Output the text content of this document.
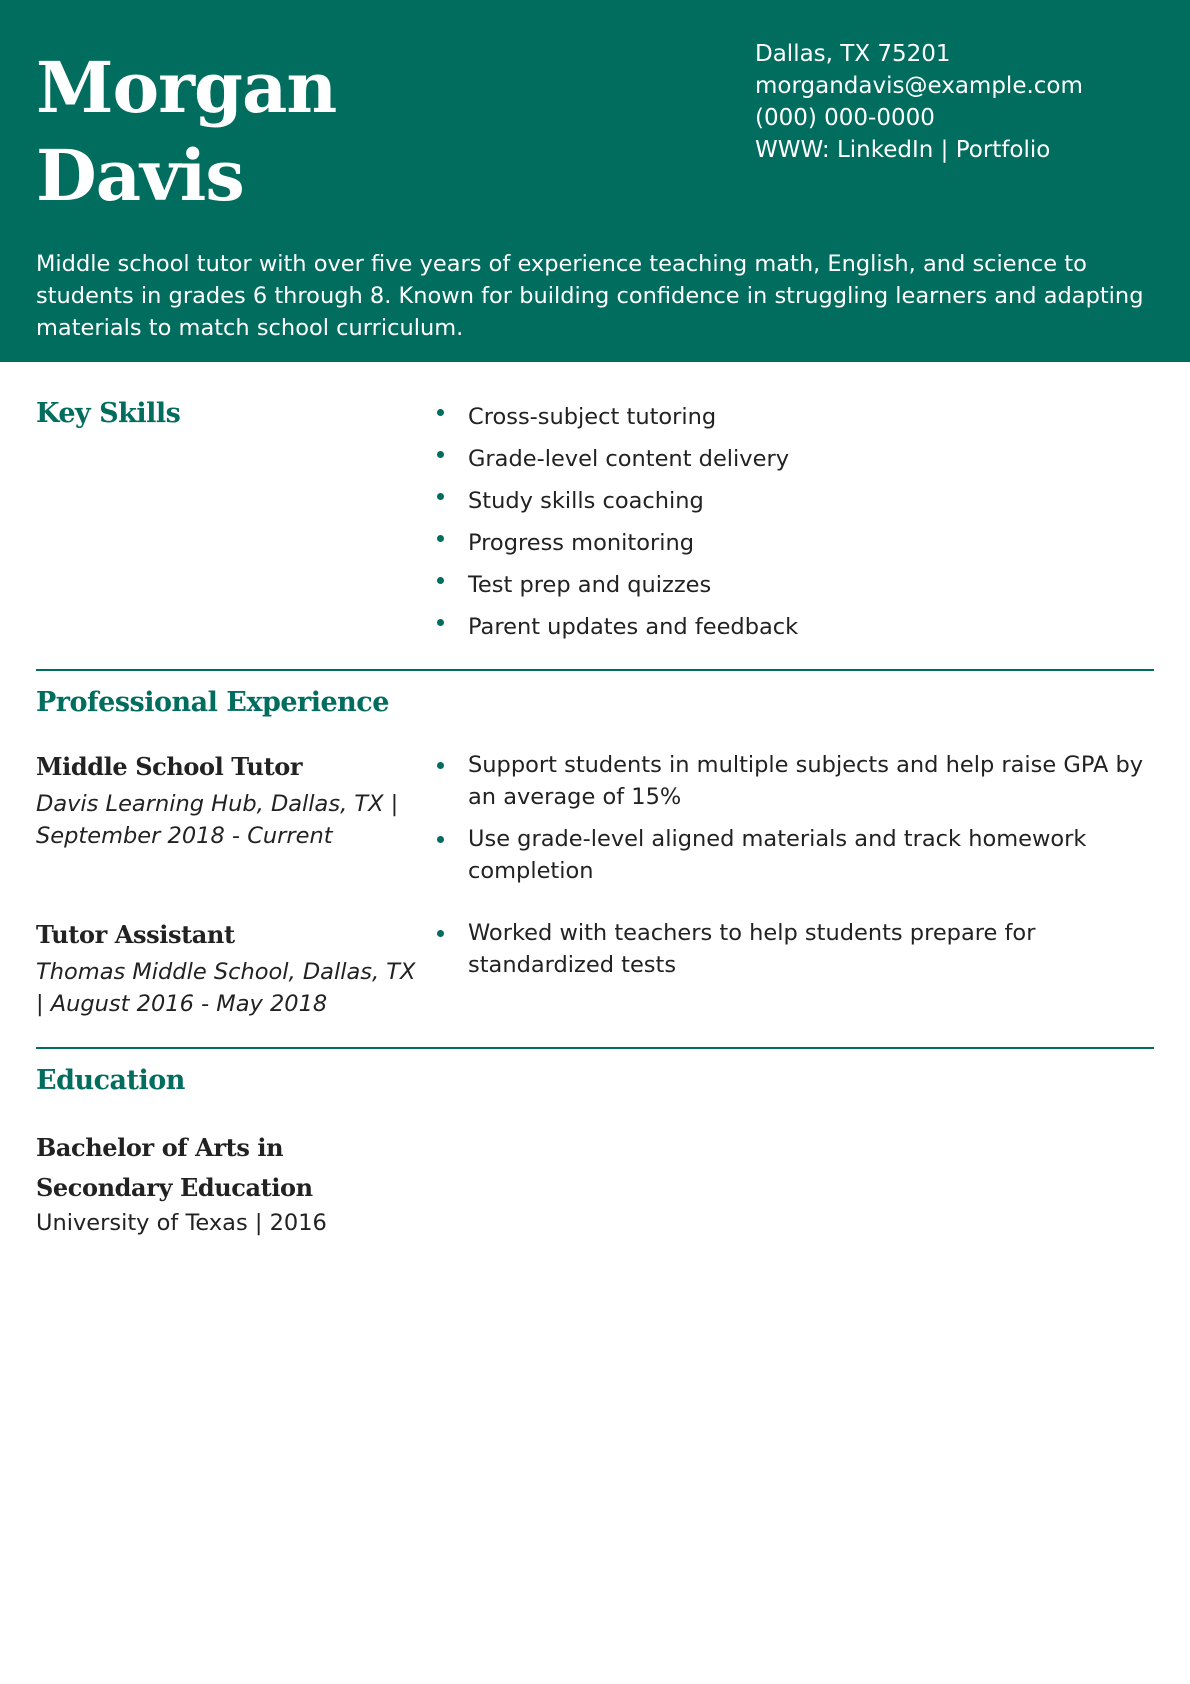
Morgan
Davis
Dallas, TX 75201
morgandavis@example.com
(000) 000-0000
WWW: LinkedIn | Portfolio
Middle school tutor with over five years of experience teaching math, English, and science to students in grades 6 through 8. Known for building confidence in struggling learners and adapting materials to match school curriculum.
Key Skills	Cross-subject tutoring
Grade-level content delivery
Study skills coaching
Progress monitoring
Test prep and quizzes
Parent updates and feedback
Professional Experience
Middle School Tutor
Davis Learning Hub, Dallas, TX | September 2018 - Current
Support students in multiple subjects and help raise GPA by an average of 15%
Use grade-level aligned materials and track homework completion
Tutor Assistant
Thomas Middle School, Dallas, TX | August 2016 - May 2018
Worked with teachers to help students prepare for standardized tests
Education
Bachelor of Arts in Secondary Education
University of Texas | 2016
